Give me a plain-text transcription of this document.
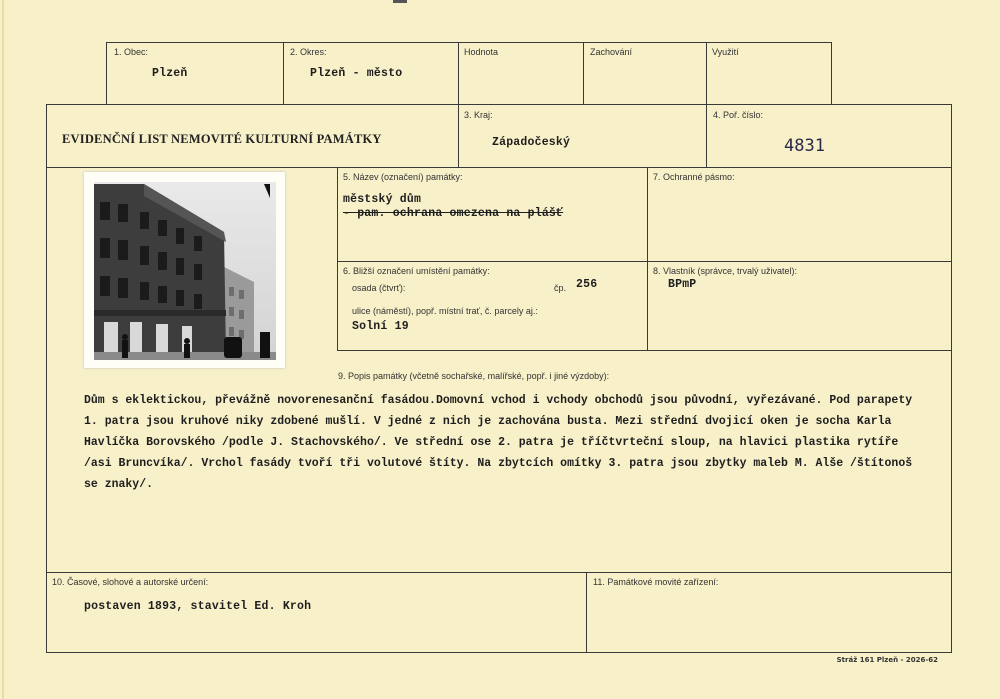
1. Obec:
Plzeň
2. Okres:
Plzeň - město
Hodnota	Zachování	Využití
EVIDENČNÍ LIST NEMOVITÉ KULTURNÍ PAMÁTKY
3. Kraj:
Západočeský
4. Poř. číslo:
4831
5. Název (označení) památky:
městský dům
- pam. ochrana omezena na plášť
7. Ochranné pásmo:
6. Bližší označení umístění památky:
osada (čtvrť):	čp. 256
ulice (náměstí), popř. místní trať, č. parcely aj.:
Solní 19
8. Vlastník (správce, trvalý uživatel):
BPmP
9. Popis památky (včetně sochařské, malířské, popř. i jiné výzdoby):
Dům s eklektickou, převážně novorenesanční fasádou.Domovní vchod i vchody obchodů jsou původní, vyřezávané. Pod parapety
1. patra jsou kruhové niky zdobené mušlí. V jedné z nich je zachována busta. Mezi střední dvojicí oken je socha Karla
Havlíčka Borovského /podle J. Stachovského/. Ve střední ose 2. patra je tříčtvrteční sloup, na hlavici plastika rytíře
/asi Bruncvíka/. Vrchol fasády tvoří tři volutové štíty. Na zbytcích omítky 3. patra jsou zbytky maleb M. Alše /štítonoš
se znaky/.
10. Časové, slohové a autorské určení:
postaven 1893, stavitel Ed. Kroh
11. Památkové movité zařízení:
Stráž 161 Plzeň - 2026-62
